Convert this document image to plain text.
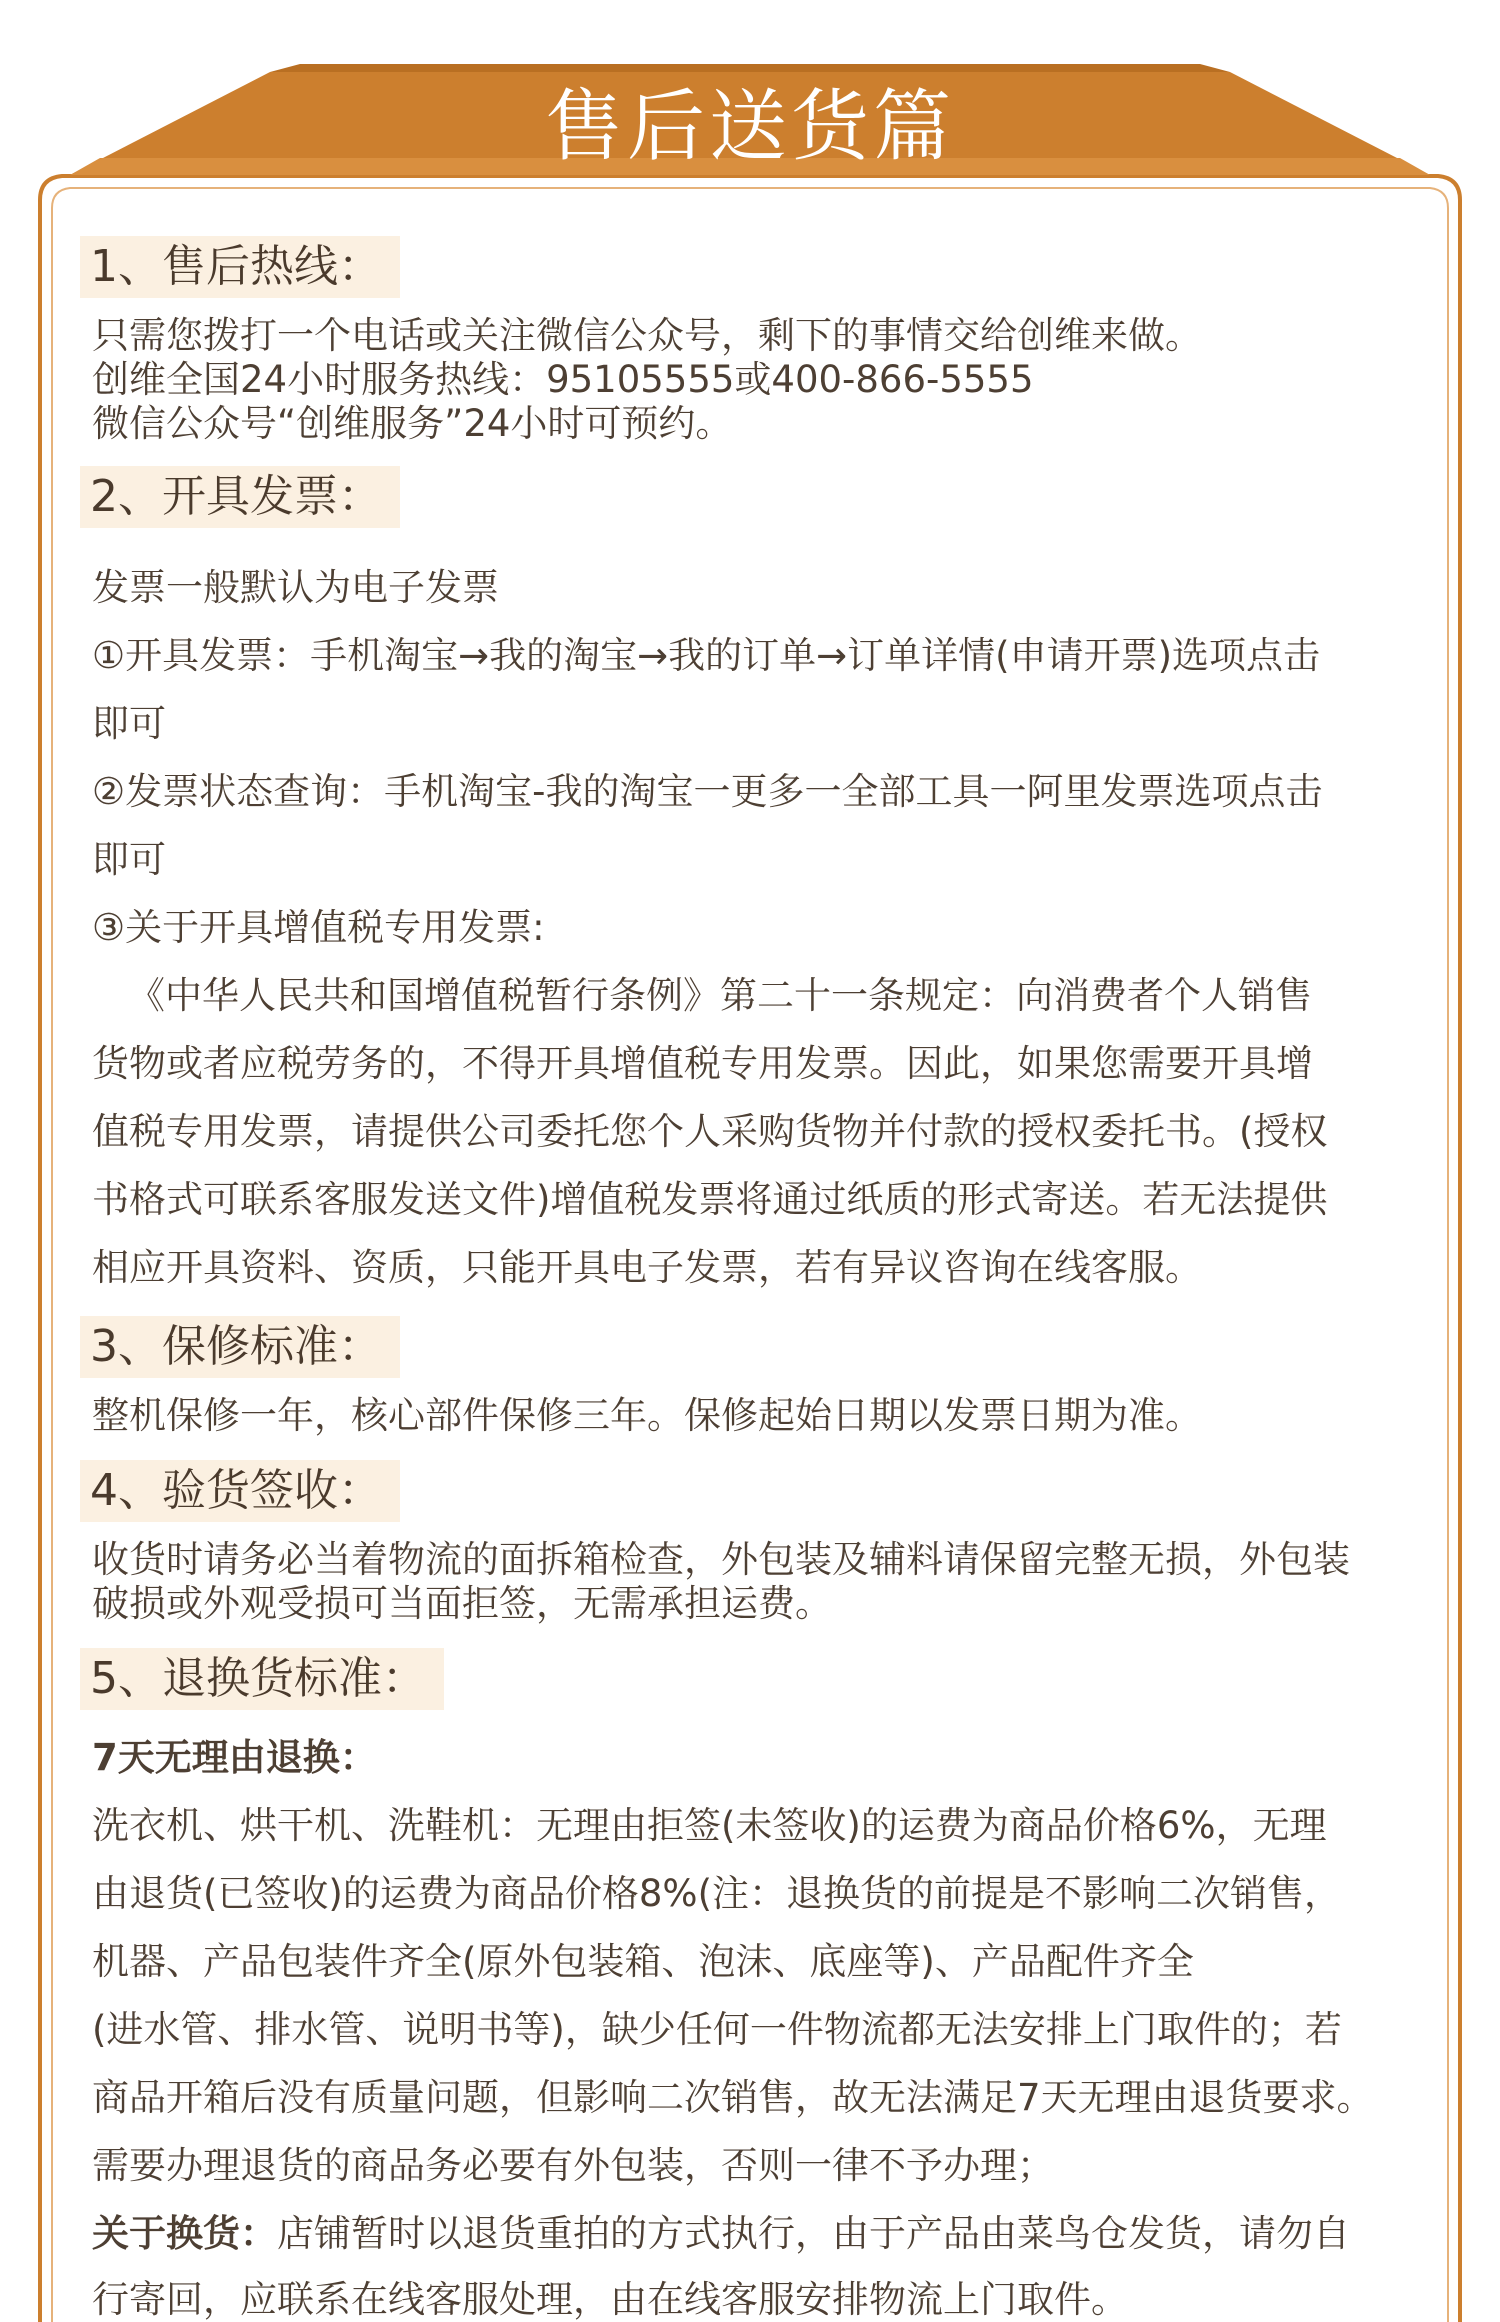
售后送货篇
1、售后热线：
只需您拨打一个电话或关注微信公众号，剩下的事情交给创维来做。
创维全国24小时服务热线：95105555或400-866-5555
微信公众号“创维服务”24小时可预约。
2、开具发票：
发票一般默认为电子发票
①开具发票：手机淘宝→我的淘宝→我的订单→订单详情(申请开票)选项点击
即可
②发票状态查询：手机淘宝-我的淘宝一更多一全部工具一阿里发票选项点击
即可
③关于开具增值税专用发票:
《中华人民共和国增值税暂行条例》第二十一条规定：向消费者个人销售
货物或者应税劳务的，不得开具增值税专用发票。因此，如果您需要开具增
值税专用发票，请提供公司委托您个人采购货物并付款的授权委托书。(授权
书格式可联系客服发送文件)增值税发票将通过纸质的形式寄送。若无法提供
相应开具资料、资质，只能开具电子发票，若有异议咨询在线客服。
3、保修标准：
整机保修一年，核心部件保修三年。保修起始日期以发票日期为准。
4、验货签收：
收货时请务必当着物流的面拆箱检查，外包装及辅料请保留完整无损，外包装
破损或外观受损可当面拒签，无需承担运费。
5、退换货标准：
7天无理由退换：
洗衣机、烘干机、洗鞋机：无理由拒签(未签收)的运费为商品价格6%，无理
由退货(已签收)的运费为商品价格8%(注：退换货的前提是不影响二次销售，
机器、产品包装件齐全(原外包装箱、泡沫、底座等)、产品配件齐全
(进水管、排水管、说明书等)，缺少任何一件物流都无法安排上门取件的；若
商品开箱后没有质量问题，但影响二次销售，故无法满足7天无理由退货要求。
需要办理退货的商品务必要有外包装，否则一律不予办理；
关于换货：店铺暂时以退货重拍的方式执行，由于产品由菜鸟仓发货，请勿自
行寄回，应联系在线客服处理，由在线客服安排物流上门取件。
